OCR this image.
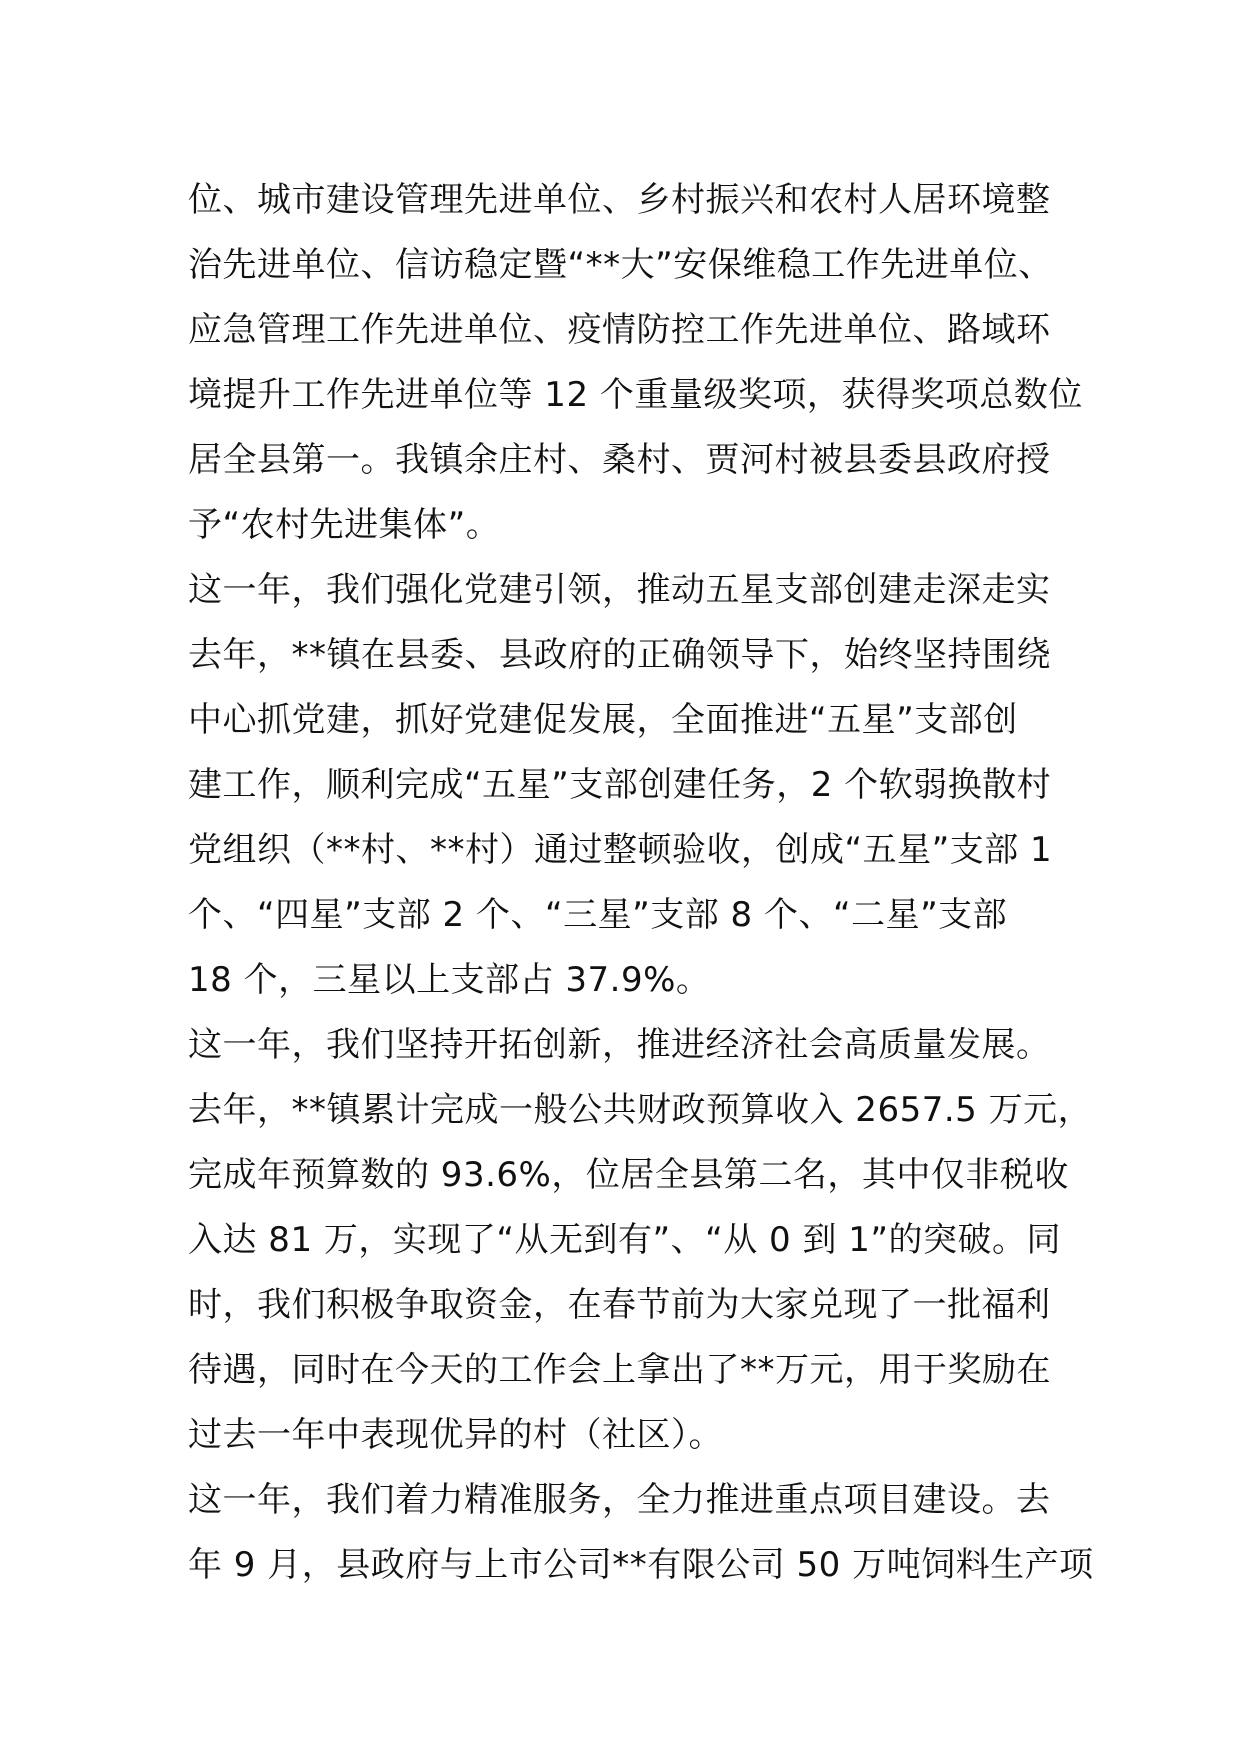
位、城市建设管理先进单位、乡村振兴和农村人居环境整
治先进单位、信访稳定暨“**大”安保维稳工作先进单位、
应急管理工作先进单位、疫情防控工作先进单位、路域环
境提升工作先进单位等 12 个重量级奖项，获得奖项总数位
居全县第一。我镇余庄村、桑村、贾河村被县委县政府授
予“农村先进集体”。
这一年，我们强化党建引领，推动五星支部创建走深走实
去年，**镇在县委、县政府的正确领导下，始终坚持围绕
中心抓党建，抓好党建促发展，全面推进“五星”支部创
建工作，顺利完成“五星”支部创建任务，2 个软弱换散村
党组织（**村、**村）通过整顿验收，创成“五星”支部 1
个、“四星”支部 2 个、“三星”支部 8 个、“二星”支部
18 个，三星以上支部占 37.9%。
这一年，我们坚持开拓创新，推进经济社会高质量发展。
去年，**镇累计完成一般公共财政预算收入 2657.5 万元，
完成年预算数的 93.6%，位居全县第二名，其中仅非税收
入达 81 万，实现了“从无到有”、“从 0 到 1”的突破。同
时，我们积极争取资金，在春节前为大家兑现了一批福利
待遇，同时在今天的工作会上拿出了**万元，用于奖励在
过去一年中表现优异的村（社区）。
这一年，我们着力精准服务，全力推进重点项目建设。去
年 9 月，县政府与上市公司**有限公司 50 万吨饲料生产项
